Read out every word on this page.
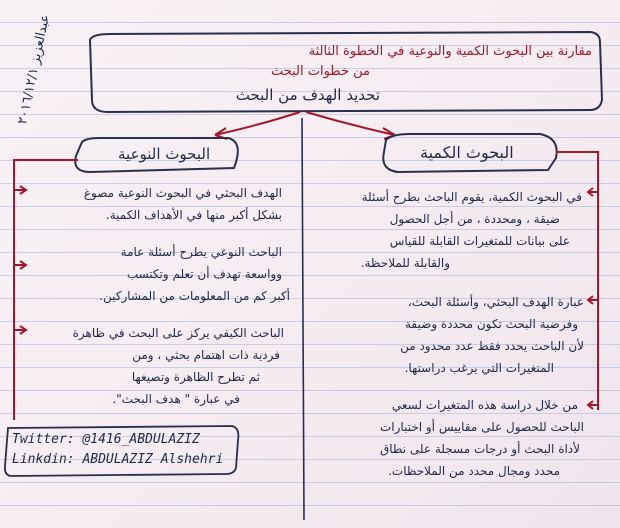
عبدالعزيز ٢٠١٦/١٢/١	مقارنة بين البحوث الكمية والنوعية في الخطوة الثالثة
من خطوات البحث
تحديد الهدف من البحث
البحوث النوعية	البحوث الكمية
في البحوث الكمية، يقوم الباحث بطرح أسئلة
ضيقة ، ومحددة ، من أجل الحصول
على بيانات للمتغيرات القابلة للقياس
والقابلة للملاحظة.
عبارة الهدف البحثي، وأسئلة البحث،
وفرضية البحث تكون محددة وضيقة
لأن الباحث يحدد فقط عدد محدود من
المتغيرات التي يرغب دراستها.
من خلال دراسة هذه المتغيرات لسعي
الباحث للحصول على مقاييس أو اختبارات
لأداة البحث أو درجات مسجلة على نطاق
محدد ومجال محدد من الملاحظات.
الهدف البحثي في البحوث النوعية مصوغ
بشكل أكبر منها في الأهداف الكمية.
الباحث النوعي يطرح أسئلة عامة
وواسعة تهدف أن تعلم وتكتسب
أكبر كم من المعلومات من المشاركين.
الباحث الكيفي يركز على البحث في ظاهرة
فردية ذات اهتمام بحثي ، ومن
ثم تطرح الظاهرة وتصيغها
في عبارة " هدف البحث".
Twitter: @1416_ABDULAZIZ
Linkdin: ABDULAZIZ Alshehri
